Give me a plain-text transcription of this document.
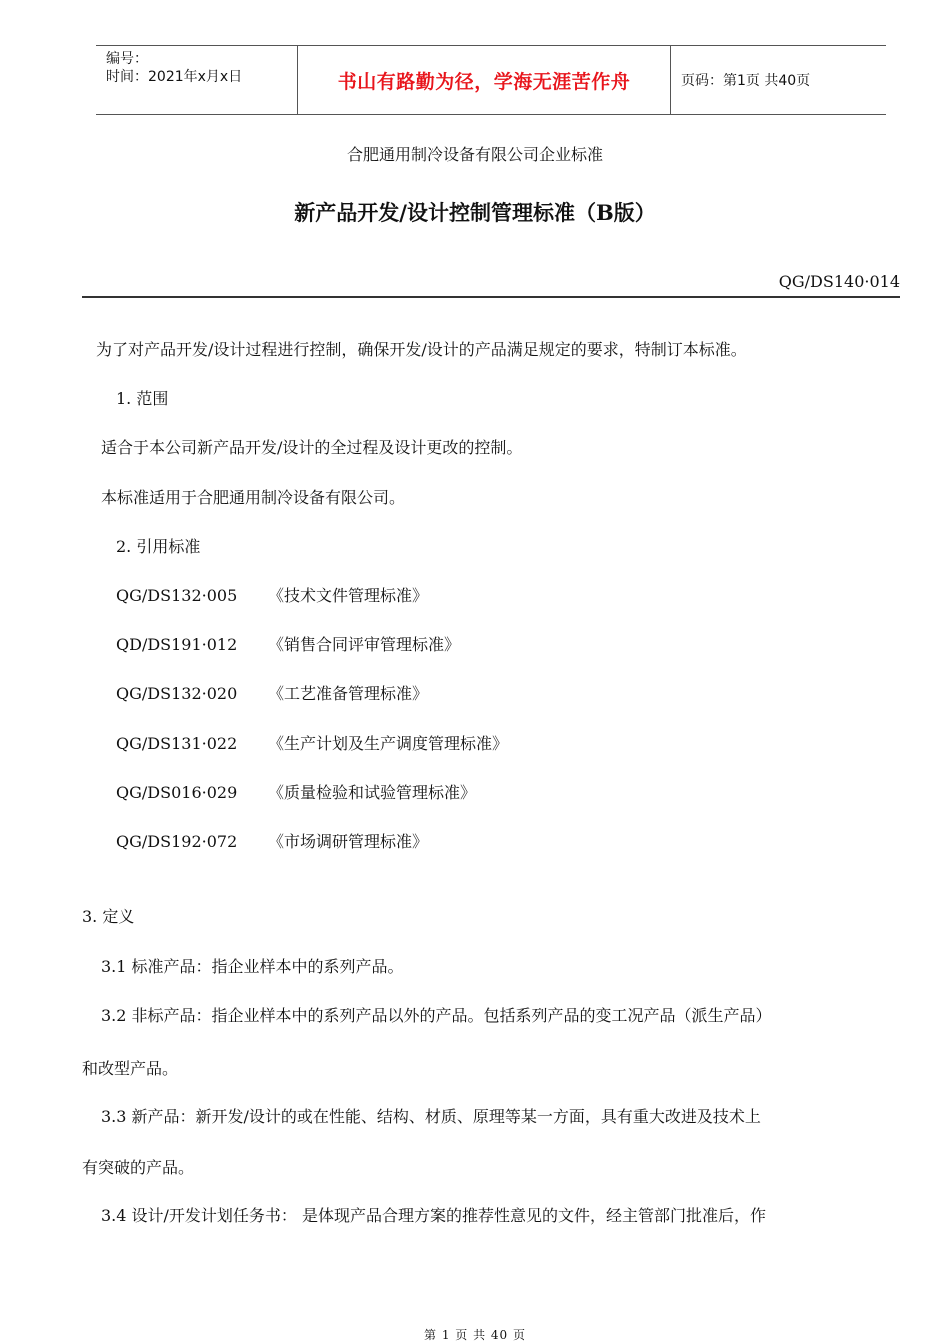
编号：
时间：2021年x月x日	书山有路勤为径，学海无涯苦作舟	页码：第1页 共40页
合肥通用制冷设备有限公司企业标准
新产品开发/设计控制管理标准（B版）
QG/DS140·014
为了对产品开发/设计过程进行控制，确保开发/设计的产品满足规定的要求，特制订本标准。
1. 范围
适合于本公司新产品开发/设计的全过程及设计更改的控制。
本标准适用于合肥通用制冷设备有限公司。
2. 引用标准
QG/DS132·005 《技术文件管理标准》
QD/DS191·012 《销售合同评审管理标准》
QG/DS132·020 《工艺准备管理标准》
QG/DS131·022 《生产计划及生产调度管理标准》
QG/DS016·029 《质量检验和试验管理标准》
QG/DS192·072 《市场调研管理标准》
3. 定义
3.1 标准产品：指企业样本中的系列产品。
3.2 非标产品：指企业样本中的系列产品以外的产品。包括系列产品的变工况产品（派生产品）
和改型产品。
3.3 新产品：新开发/设计的或在性能、结构、材质、原理等某一方面，具有重大改进及技术上
有突破的产品。
3.4 设计/开发计划任务书： 是体现产品合理方案的推荐性意见的文件，经主管部门批准后，作
第 1 页 共 40 页
